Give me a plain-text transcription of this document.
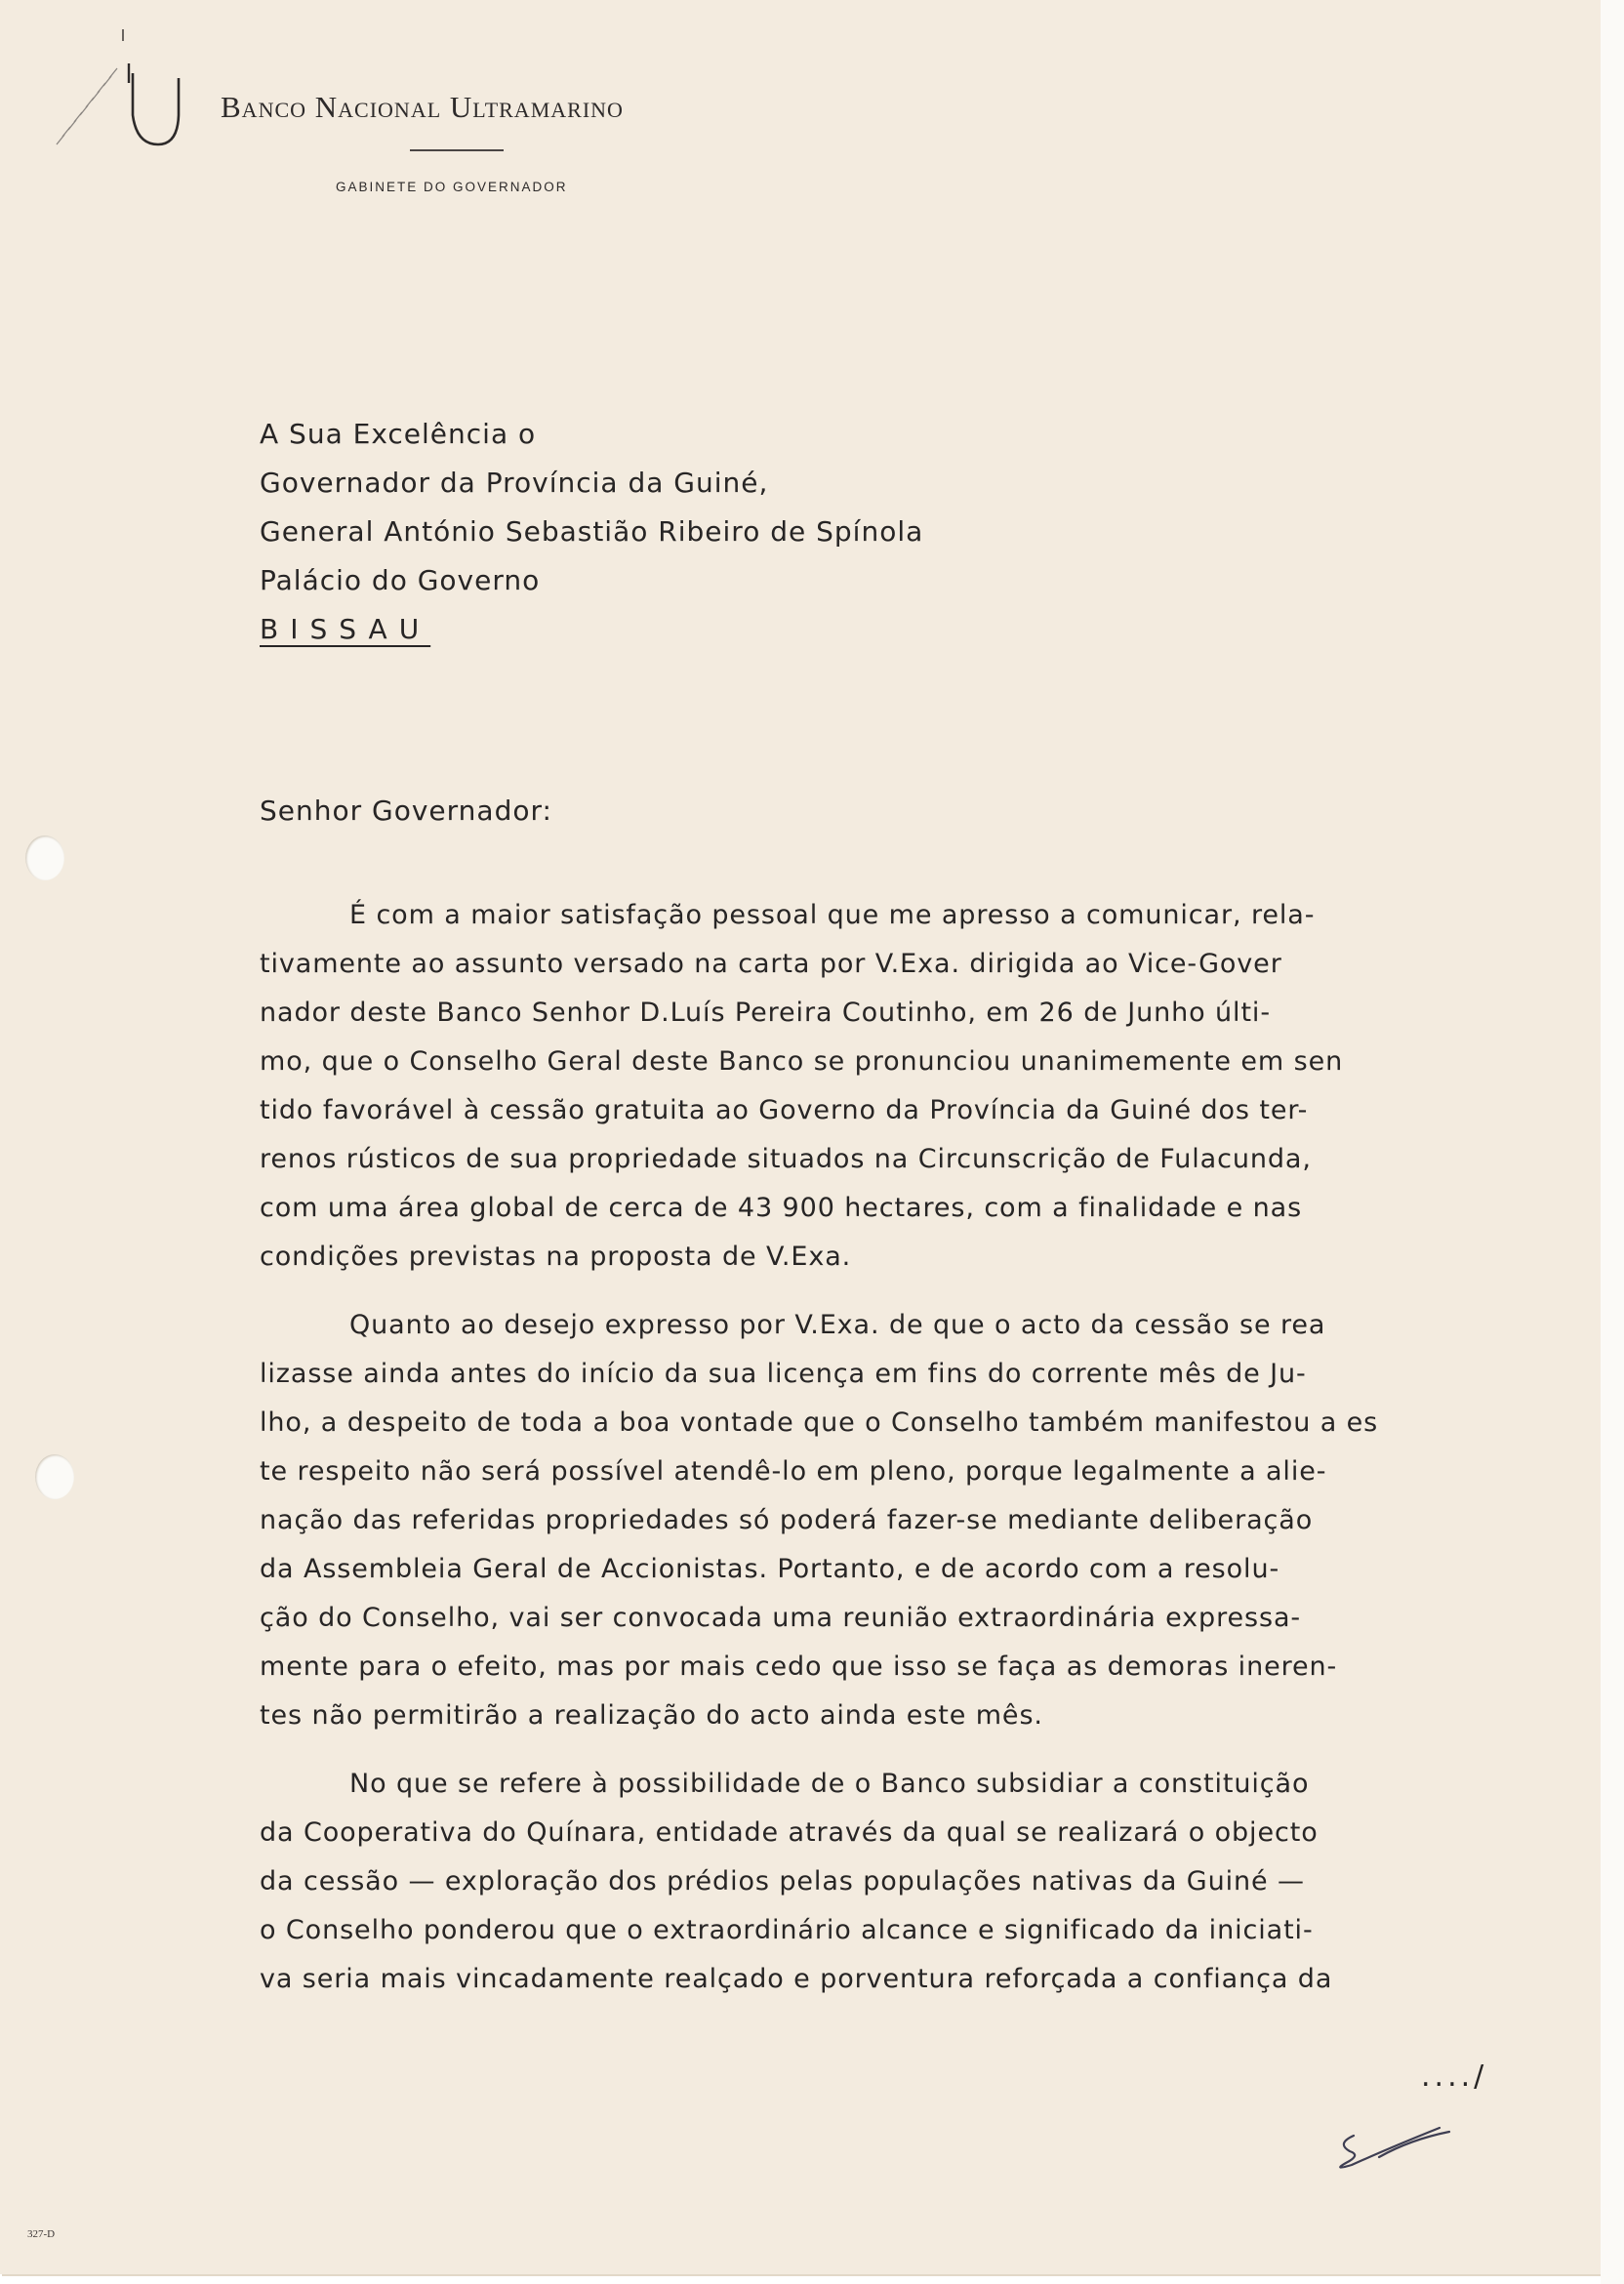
Banco Nacional Ultramarino
GABINETE DO GOVERNADOR
A Sua Excelência o
Governador da Província da Guiné,
General António Sebastião Ribeiro de Spínola
Palácio do Governo
BISSAU
Senhor Governador:
É com a maior satisfação pessoal que me apresso a comunicar, rela-
tivamente ao assunto versado na carta por V.Exa. dirigida ao Vice-Gover
nador deste Banco Senhor D.Luís Pereira Coutinho, em 26 de Junho últi-
mo, que o Conselho Geral deste Banco se pronunciou unanimemente em sen
tido favorável à cessão gratuita ao Governo da Província da Guiné dos ter-
renos rústicos de sua propriedade situados na Circunscrição de Fulacunda,
com uma área global de cerca de 43 900 hectares, com a finalidade e nas
condições previstas na proposta de V.Exa.
Quanto ao desejo expresso por V.Exa. de que o acto da cessão se rea
lizasse ainda antes do início da sua licença em fins do corrente mês de Ju-
lho, a despeito de toda a boa vontade que o Conselho também manifestou a es
te respeito não será possível atendê-lo em pleno, porque legalmente a alie-
nação das referidas propriedades só poderá fazer-se mediante deliberação
da Assembleia Geral de Accionistas. Portanto, e de acordo com a resolu-
ção do Conselho, vai ser convocada uma reunião extraordinária expressa-
mente para o efeito, mas por mais cedo que isso se faça as demoras ineren-
tes não permitirão a realização do acto ainda este mês.
No que se refere à possibilidade de o Banco subsidiar a constituição
da Cooperativa do Quínara, entidade através da qual se realizará o objecto
da cessão — exploração dos prédios pelas populações nativas da Guiné —
o Conselho ponderou que o extraordinário alcance e significado da iniciati-
va seria mais vincadamente realçado e porventura reforçada a confiança da
..../
327-D
